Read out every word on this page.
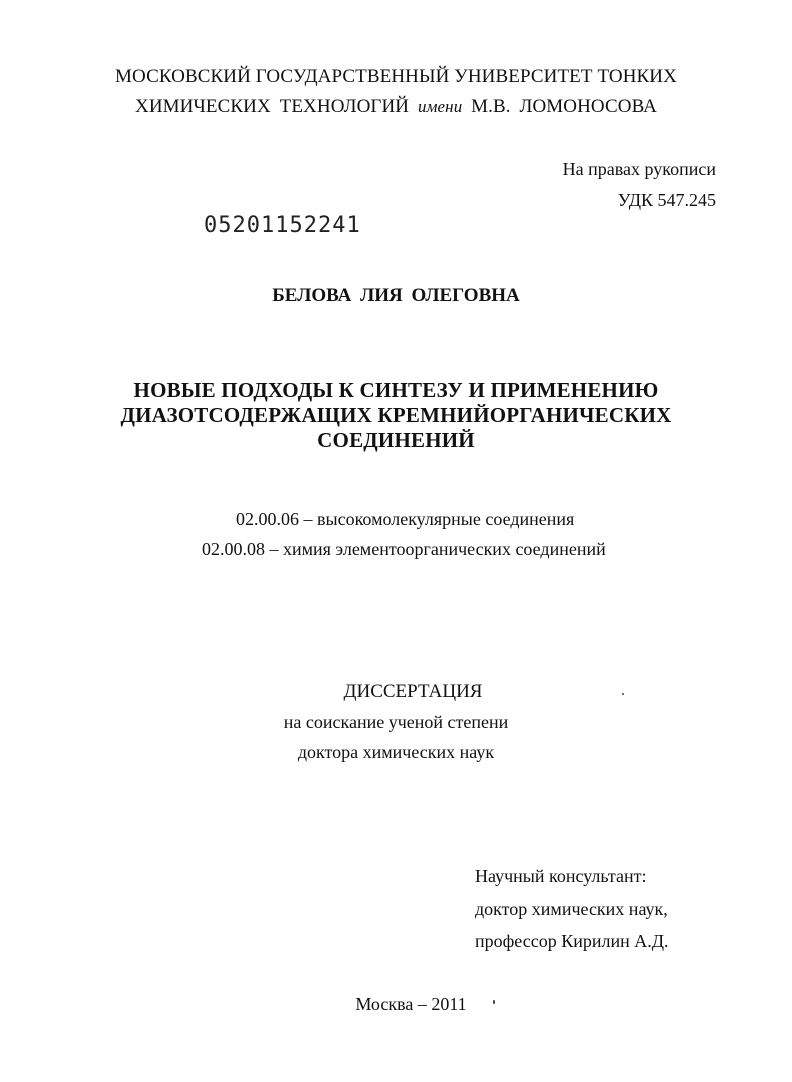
МОСКОВСКИЙ ГОСУДАРСТВЕННЫЙ УНИВЕРСИТЕТ ТОНКИХ
ХИМИЧЕСКИХ ТЕХНОЛОГИЙ имени М.В. ЛОМОНОСОВА
На правах рукописи
УДК 547.245
05201152241
БЕЛОВА ЛИЯ ОЛЕГОВНА
НОВЫЕ ПОДХОДЫ К СИНТЕЗУ И ПРИМЕНЕНИЮ
ДИАЗОТСОДЕРЖАЩИХ КРЕМНИЙОРГАНИЧЕСКИХ
СОЕДИНЕНИЙ
02.00.06 – высокомолекулярные соединения
02.00.08 – химия элементоорганических соединений
ДИССЕРТАЦИЯ
на соискание ученой степени
доктора химических наук
Научный консультант:
доктор химических наук,
профессор Кирилин А.Д.
Москва – 2011
